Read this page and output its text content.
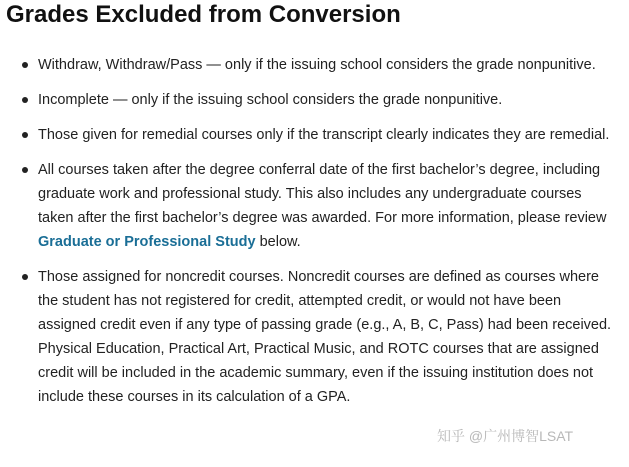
Grades Excluded from Conversion
Withdraw, Withdraw/Pass — only if the issuing school considers the grade nonpunitive.
Incomplete — only if the issuing school considers the grade nonpunitive.
Those given for remedial courses only if the transcript clearly indicates they are remedial.
All courses taken after the degree conferral date of the first bachelor’s degree, including graduate work and professional study. This also includes any undergraduate courses taken after the first bachelor’s degree was awarded. For more information, please review Graduate or Professional Study below.
Those assigned for noncredit courses. Noncredit courses are defined as courses where the student has not registered for credit, attempted credit, or would not have been assigned credit even if any type of passing grade (e.g., A, B, C, Pass) had been received. Physical Education, Practical Art, Practical Music, and ROTC courses that are assigned credit will be included in the academic summary, even if the issuing institution does not include these courses in its calculation of a GPA.
知乎 @广州博智LSAT
